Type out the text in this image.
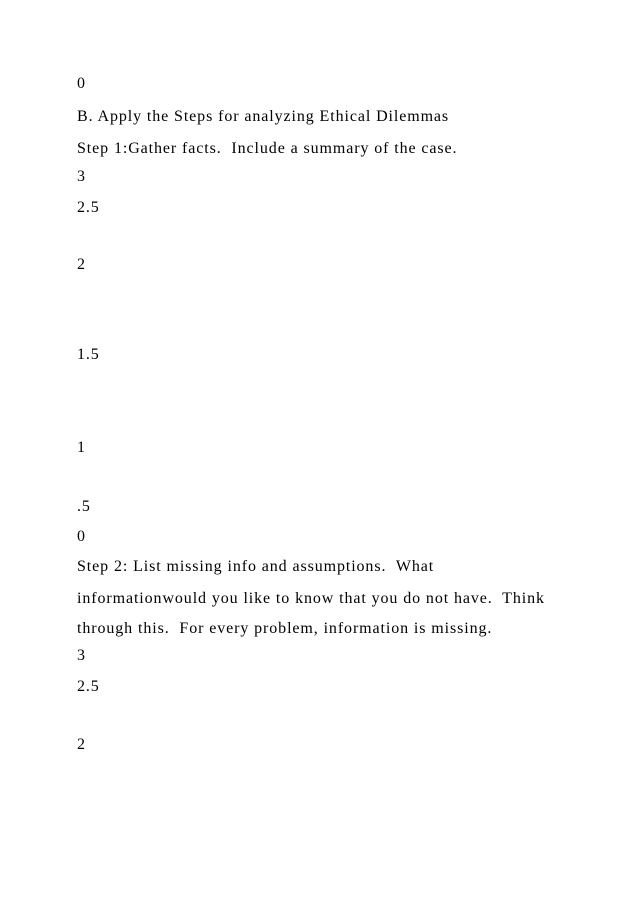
0
B. Apply the Steps for analyzing Ethical Dilemmas
Step 1:Gather facts.  Include a summary of the case.
3
2.5
2
1.5
1
.5
0
Step 2: List missing info and assumptions.  What
informationwould you like to know that you do not have.  Think
through this.  For every problem, information is missing.
3
2.5
2
